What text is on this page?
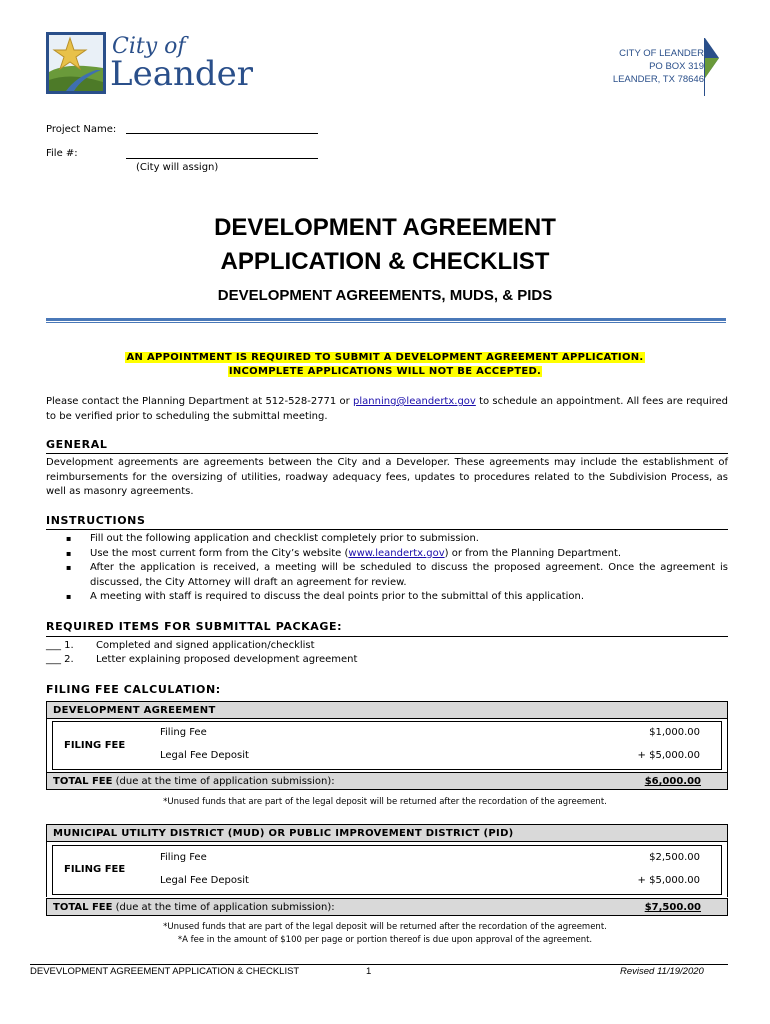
City of
Leander
CITY OF LEANDER
PO BOX 319
LEANDER, TX 78646
Project Name:
File #:
(City will assign)
DEVELOPMENT AGREEMENT
APPLICATION & CHECKLIST
DEVELOPMENT AGREEMENTS, MUDS, & PIDS
AN APPOINTMENT IS REQUIRED TO SUBMIT A DEVELOPMENT AGREEMENT APPLICATION.
INCOMPLETE APPLICATIONS WILL NOT BE ACCEPTED.
Please contact the Planning Department at 512-528-2771 or planning@leandertx.gov to schedule an appointment. All fees are required to be verified prior to scheduling the submittal meeting.
GENERAL
Development agreements are agreements between the City and a Developer. These agreements may include the establishment of reimbursements for the oversizing of utilities, roadway adequacy fees, updates to procedures related to the Subdivision Process, as well as masonry agreements.
INSTRUCTIONS
▪ Fill out the following application and checklist completely prior to submission.
▪ Use the most current form from the City’s website (www.leandertx.gov) or from the Planning Department.
▪ After the application is received, a meeting will be scheduled to discuss the proposed agreement. Once the agreement is discussed, the City Attorney will draft an agreement for review.
▪ A meeting with staff is required to discuss the deal points prior to the submittal of this application.
REQUIRED ITEMS FOR SUBMITTAL PACKAGE:
___ 1. Completed and signed application/checklist
___ 2. Letter explaining proposed development agreement
FILING FEE CALCULATION:
DEVELOPMENT AGREEMENT
FILING FEE
Filing Fee	$1,000.00
Legal Fee Deposit	+ $5,000.00
TOTAL FEE (due at the time of application submission):	$6,000.00
*Unused funds that are part of the legal deposit will be returned after the recordation of the agreement.
MUNICIPAL UTILITY DISTRICT (MUD) OR PUBLIC IMPROVEMENT DISTRICT (PID)
FILING FEE
Filing Fee	$2,500.00
Legal Fee Deposit	+ $5,000.00
TOTAL FEE (due at the time of application submission):	$7,500.00
*Unused funds that are part of the legal deposit will be returned after the recordation of the agreement.
*A fee in the amount of $100 per page or portion thereof is due upon approval of the agreement.
DEVEVLOPMENT AGREEMENT APPLICATION & CHECKLIST	1	Revised 11/19/2020
